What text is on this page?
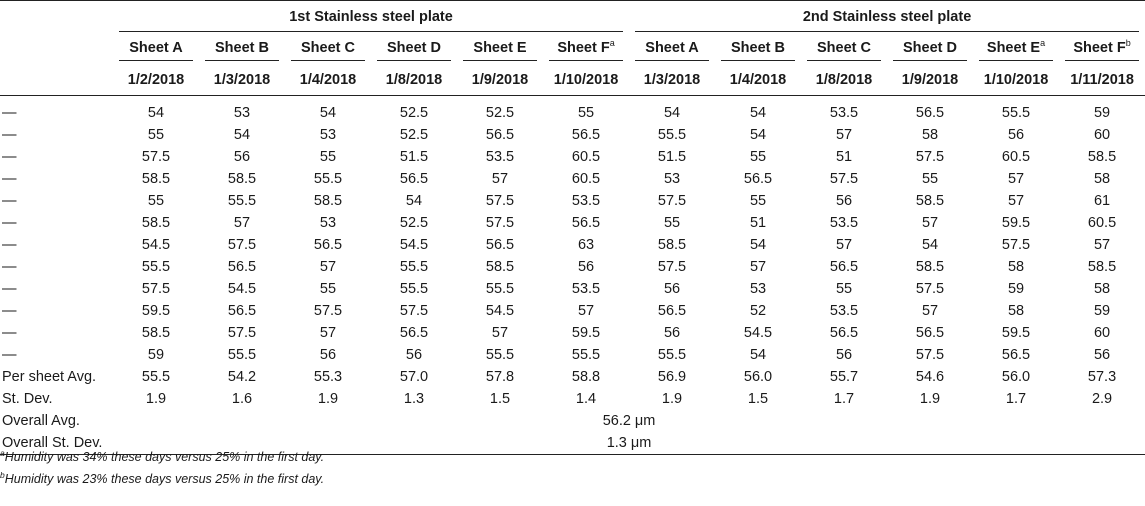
	1st Stainless steel plate						2nd Stainless steel plate					

	Sheet A	Sheet B	Sheet C	Sheet D	Sheet E	Sheet $F^a$	Sheet A	Sheet B	Sheet C	Sheet D	Sheet $E^a$	Sheet $F^b$

	1/2/2018	1/3/2018	1/4/2018	1/8/2018	1/9/2018	1/10/2018	1/3/2018	1/4/2018	1/8/2018	1/9/2018	1/10/2018	1/11/2018
—	54	53	54	52.5	52.5	55	54	54	53.5	56.5	55.5	59
—	55	54	53	52.5	56.5	56.5	55.5	54	57	58	56	60
—	57.5	56	55	51.5	53.5	60.5	51.5	55	51	57.5	60.5	58.5
—	58.5	58.5	55.5	56.5	57	60.5	53	56.5	57.5	55	57	58
—	55	55.5	58.5	54	57.5	53.5	57.5	55	56	58.5	57	61
—	58.5	57	53	52.5	57.5	56.5	55	51	53.5	57	59.5	60.5
—	54.5	57.5	56.5	54.5	56.5	63	58.5	54	57	54	57.5	57
—	55.5	56.5	57	55.5	58.5	56	57.5	57	56.5	58.5	58	58.5
—	57.5	54.5	55	55.5	55.5	53.5	56	53	55	57.5	59	58
—	59.5	56.5	57.5	57.5	54.5	57	56.5	52	53.5	57	58	59
—	58.5	57.5	57	56.5	57	59.5	56	54.5	56.5	56.5	59.5	60
—	59	55.5	56	56	55.5	55.5	55.5	54	56	57.5	56.5	56
Per sheet Avg.	55.5	54.2	55.3	57.0	57.8	58.8	56.9	56.0	55.7	54.6	56.0	57.3
St. Dev.	1.9	1.6	1.9	1.3	1.5	1.4	1.9	1.5	1.7	1.9	1.7	2.9
Overall Avg.	56.2 μm											
Overall St. Dev.	1.3 μm											
$^a$Humidity was 34% these days versus 25% in the first day.
$^b$Humidity was 23% these days versus 25% in the first day.
